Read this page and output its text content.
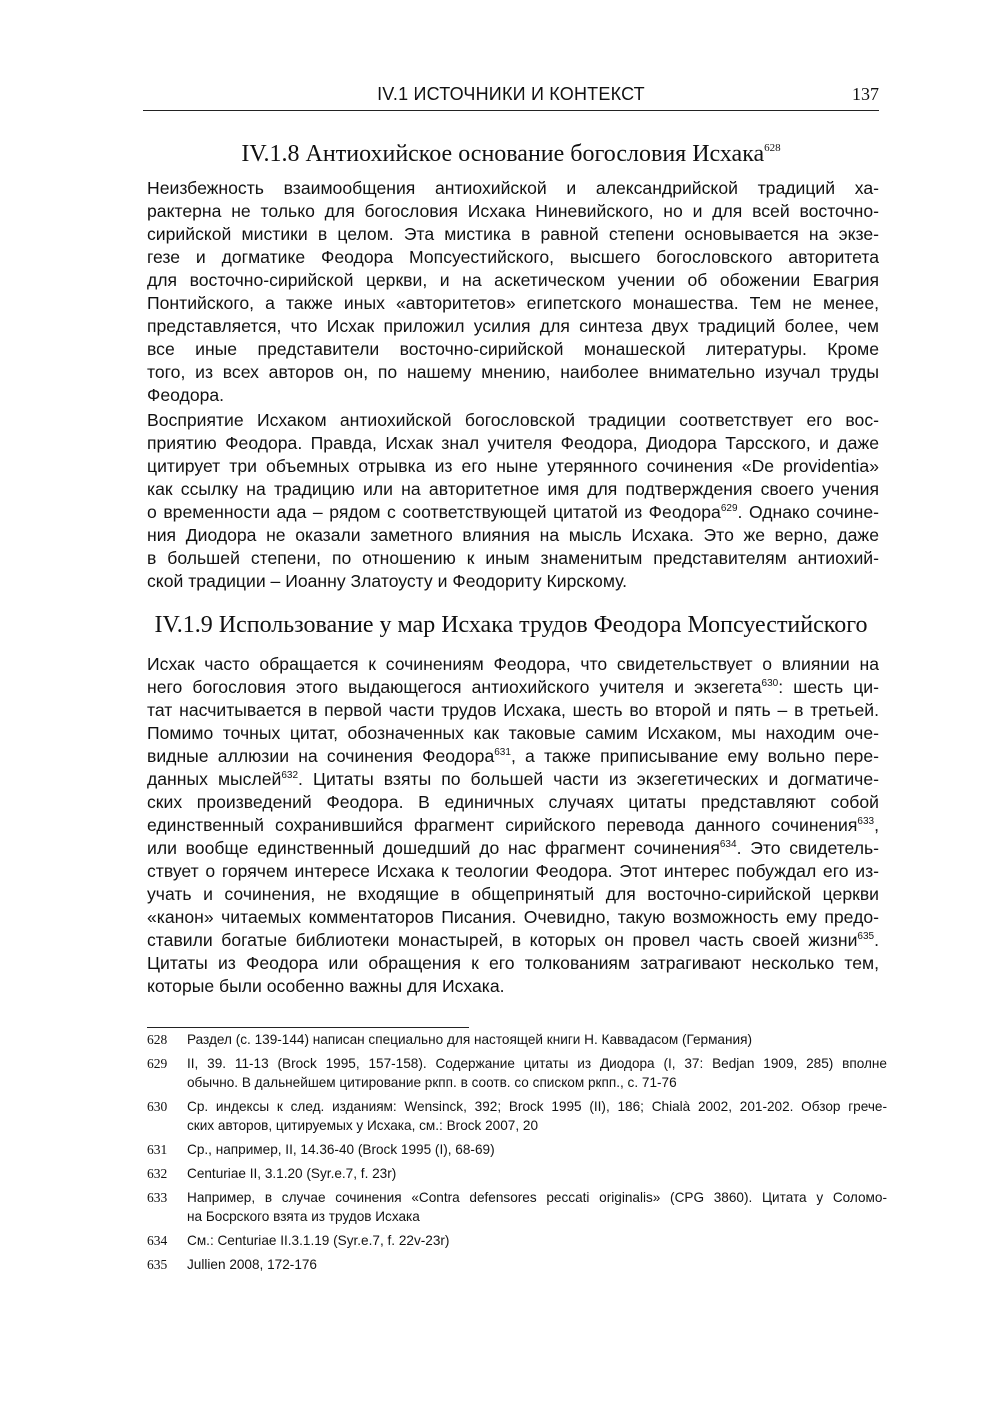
IV.1 ИСТОЧНИКИ И КОНТЕКСТ	137
IV.1.8 Антиохийское основание богословия Исхака$^{628}$
Неизбежность взаимообщения антиохийской и александрийской традиций ха-
рактерна не только для богословия Исхака Ниневийского, но и для всей восточно-
сирийской мистики в целом. Эта мистика в равной степени основывается на экзе-
гезе и догматике Феодора Мопсуестийского, высшего богословского авторитета
для восточно-сирийской церкви, и на аскетическом учении об обожении Евагрия
Понтийского, а также иных «авторитетов» египетского монашества. Тем не менее,
представляется, что Исхак приложил усилия для синтеза двух традиций более, чем
все иные представители восточно-сирийской монашеской литературы. Кроме
того, из всех авторов он, по нашему мнению, наиболее внимательно изучал труды
Феодора.
Восприятие Исхаком антиохийской богословской традиции соответствует его вос-
приятию Феодора. Правда, Исхак знал учителя Феодора, Диодора Тарсского, и даже
цитирует три объемных отрывка из его ныне утерянного сочинения «De providentia»
как ссылку на традицию или на авторитетное имя для подтверждения своего учения
о временности ада – рядом с соответствующей цитатой из Феодора$^{629}$. Однако сочине-
ния Диодора не оказали заметного влияния на мысль Исхака. Это же верно, даже
в большей степени, по отношению к иным знаменитым представителям антиохий-
ской традиции – Иоанну Златоусту и Феодориту Кирскому.
IV.1.9 Использование у мар Исхака трудов Феодора Мопсуестийского
Исхак часто обращается к сочинениям Феодора, что свидетельствует о влиянии на
него богословия этого выдающегося антиохийского учителя и экзегета$^{630}$: шесть ци-
тат насчитывается в первой части трудов Исхака, шесть во второй и пять – в третьей.
Помимо точных цитат, обозначенных как таковые самим Исхаком, мы находим оче-
видные аллюзии на сочинения Феодора$^{631}$, а также приписывание ему вольно пере-
данных мыслей$^{632}$. Цитаты взяты по большей части из экзегетических и догматиче-
ских произведений Феодора. В единичных случаях цитаты представляют собой
единственный сохранившийся фрагмент сирийского перевода данного сочинения$^{633}$,
или вообще единственный дошедший до нас фрагмент сочинения$^{634}$. Это свидетель-
ствует о горячем интересе Исхака к теологии Феодора. Этот интерес побуждал его из-
учать и сочинения, не входящие в общепринятый для восточно-сирийской церкви
«канон» читаемых комментаторов Писания. Очевидно, такую возможность ему предо-
ставили богатые библиотеки монастырей, в которых он провел часть своей жизни$^{635}$.
Цитаты из Феодора или обращения к его толкованиям затрагивают несколько тем,
которые были особенно важны для Исхака.
628	Раздел (с. 139-144) написан специально для настоящей книги Н. Каввадасом (Германия)
629	II, 39. 11-13 (Brock 1995, 157-158). Содержание цитаты из Диодора (I, 37: Bedjan 1909, 285) вполне
обычно. В дальнейшем цитирование ркпп. в соотв. со списком ркпп., с. 71-76
630	Ср. индексы к след. изданиям: Wensinck, 392; Brock 1995 (II), 186; Chialà 2002, 201-202. Обзор грече-
ских авторов, цитируемых у Исхака, см.: Brock 2007, 20
631	Ср., например, II, 14.36-40 (Brock 1995 (I), 68-69)
632	Centuriae II, 3.1.20 (Syr.e.7, f. 23r)
633	Например, в случае сочинения «Contra defensores peccati originalis» (CPG 3860). Цитата у Соломо-
на Босрского взята из трудов Исхака
634	См.: Centuriae II.3.1.19 (Syr.e.7, f. 22v-23r)
635	Jullien 2008, 172-176
